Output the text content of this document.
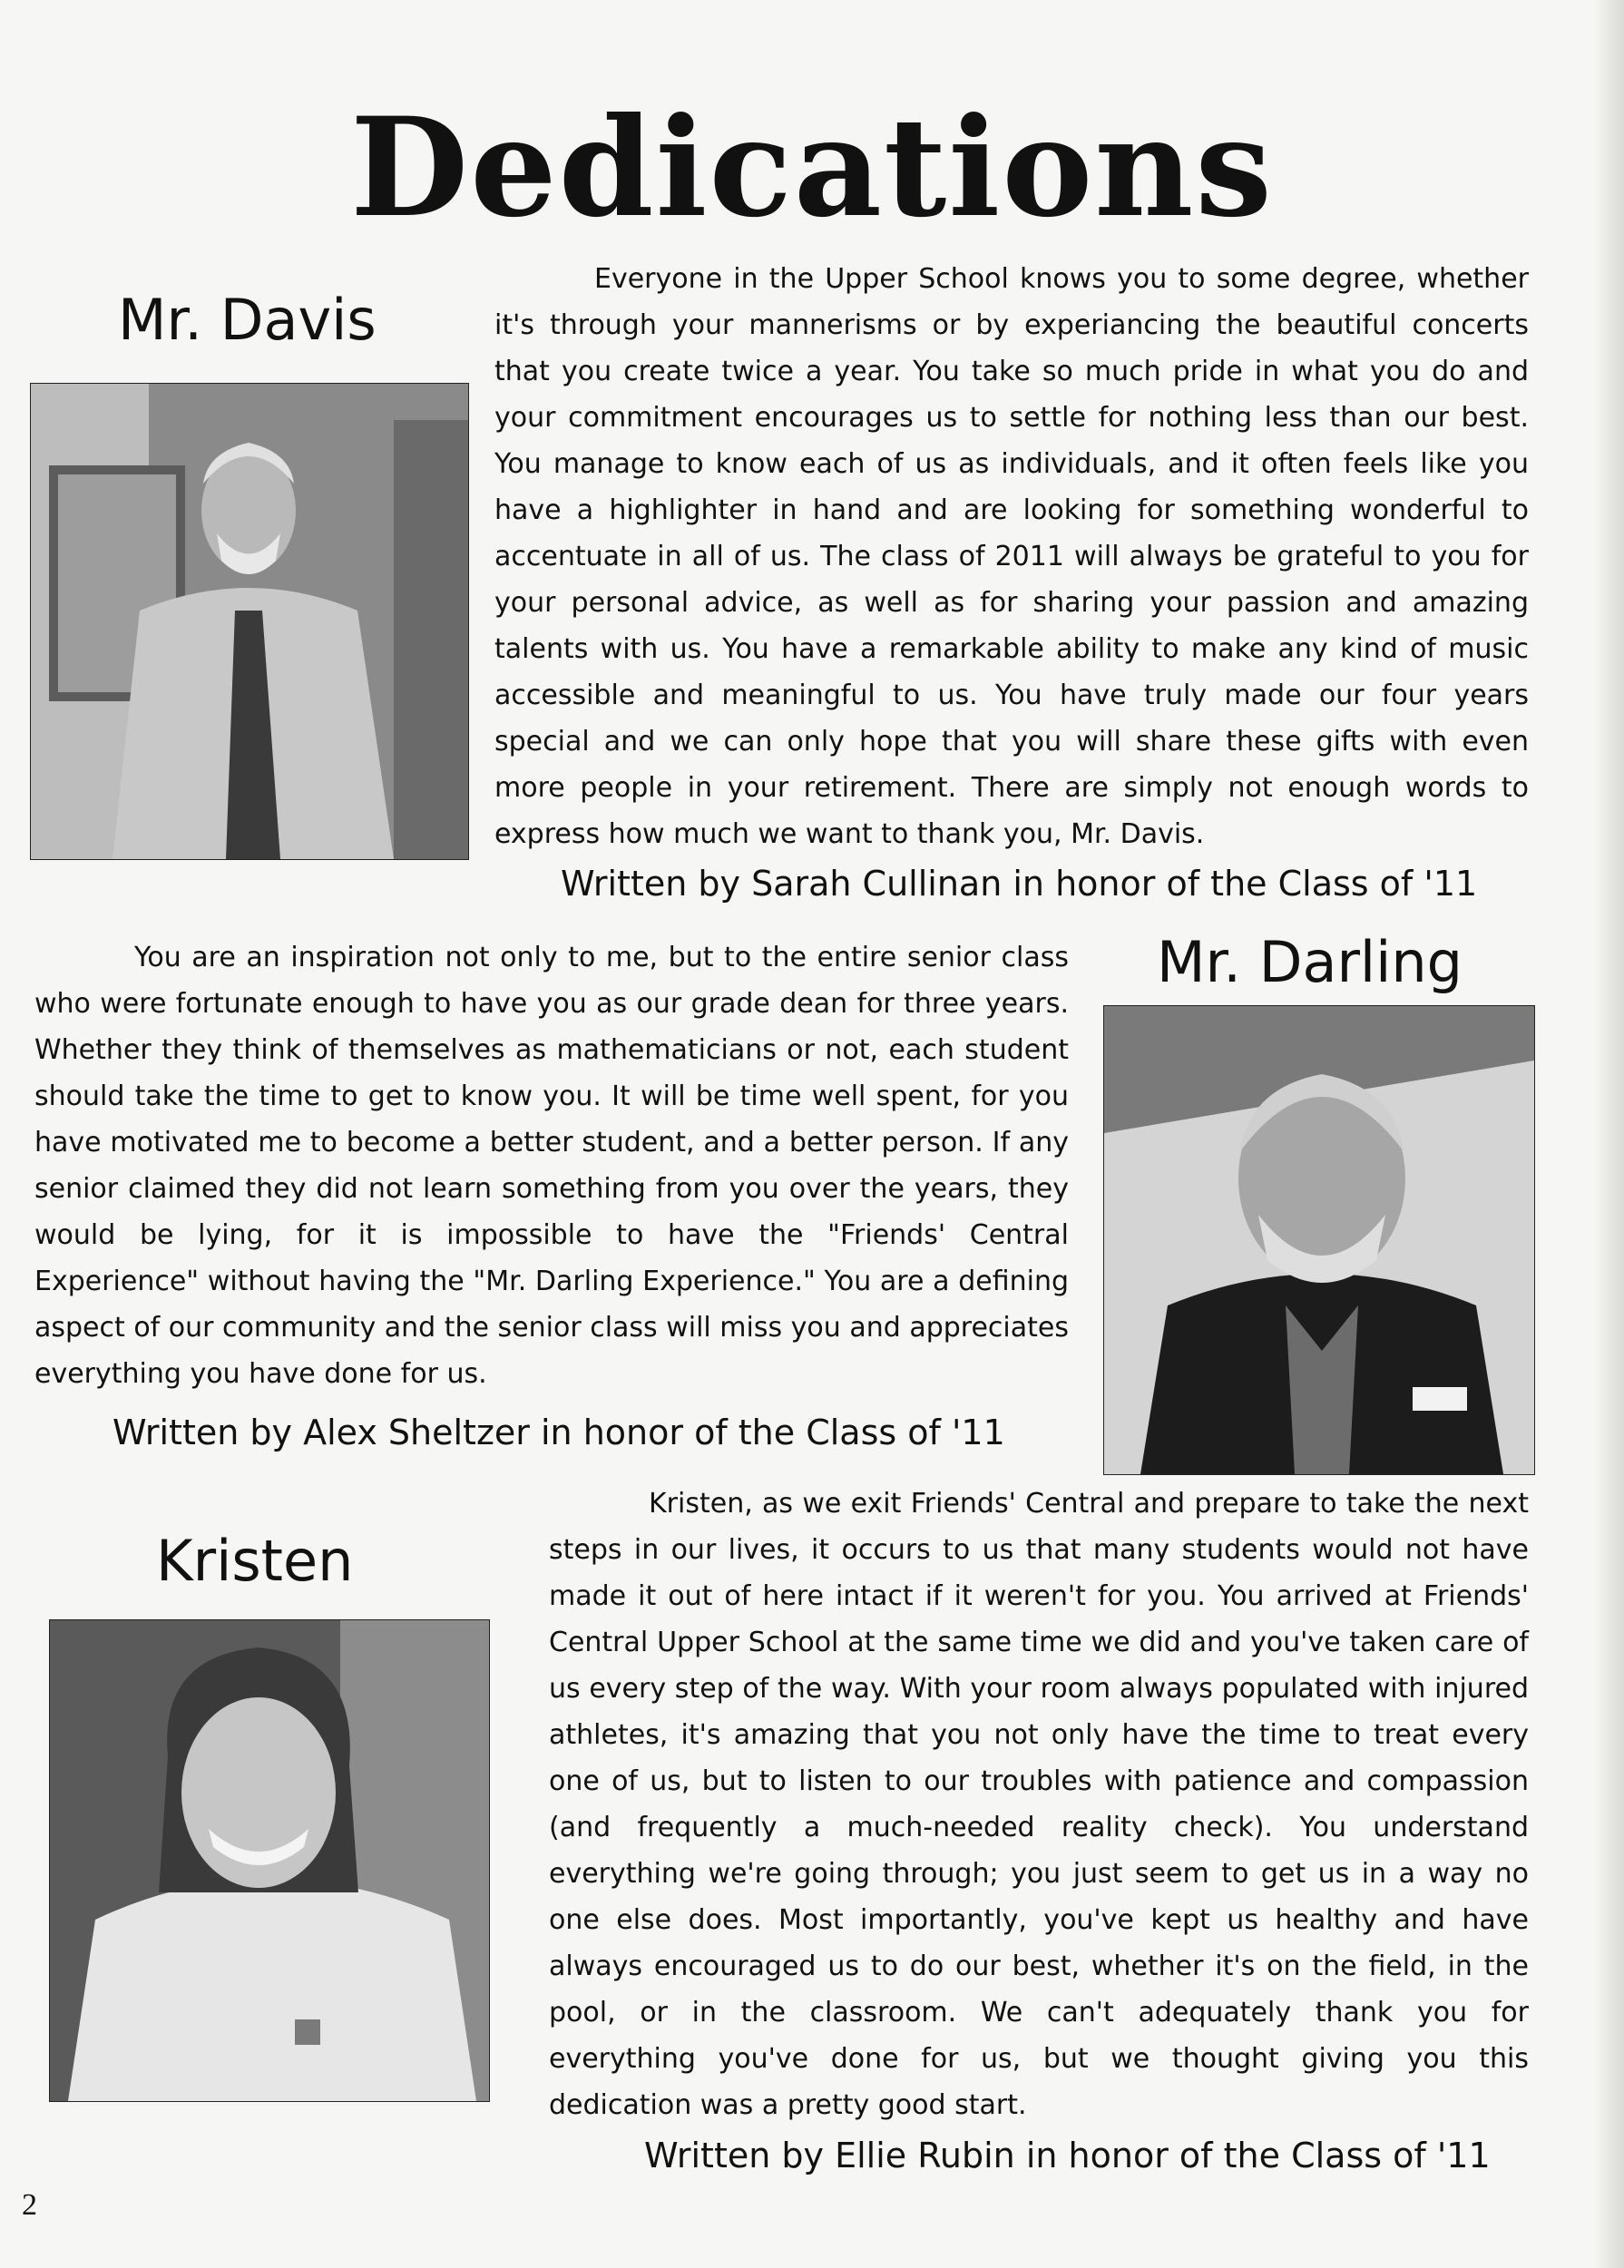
Dedications
Mr. Davis

Everyone in the Upper School knows you to some degree, whether it's through your mannerisms or by experiancing the beautiful concerts that you create twice a year. You take so much pride in what you do and your commitment encourages us to settle for nothing less than our best. You manage to know each of us as individuals, and it often feels like you have a highlighter in hand and are looking for something wonderful to accentuate in all of us. The class of 2011 will always be grateful to you for your personal advice, as well as for sharing your passion and amazing talents with us. You have a remarkable ability to make any kind of music accessible and meaningful to us. You have truly made our four years special and we can only hope that you will share these gifts with even more people in your retirement. There are simply not enough words to express how much we want to thank you, Mr. Davis.

Written by Sarah Cullinan in honor of the Class of '11

You are an inspiration not only to me, but to the entire senior class who were fortunate enough to have you as our grade dean for three years. Whether they think of themselves as mathematicians or not, each student should take the time to get to know you. It will be time well spent, for you have motivated me to become a better student, and a better person. If any senior claimed they did not learn something from you over the years, they would be lying, for it is impossible to have the "Friends' Central Experience" without having the "Mr. Darling Experience." You are a defining aspect of our community and the senior class will miss you and appreciates everything you have done for us.

Mr. Darling
Written by Alex Sheltzer in honor of the Class of '11
Kristen

Kristen, as we exit Friends' Central and prepare to take the next steps in our lives, it occurs to us that many students would not have made it out of here intact if it weren't for you. You arrived at Friends' Central Upper School at the same time we did and you've taken care of us every step of the way. With your room always populated with injured athletes, it's amazing that you not only have the time to treat every one of us, but to listen to our troubles with patience and compassion (and frequently a much-needed reality check). You understand everything we're going through; you just seem to get us in a way no one else does. Most importantly, you've kept us healthy and have always encouraged us to do our best, whether it's on the field, in the pool, or in the classroom. We can't adequately thank you for everything you've done for us, but we thought giving you this dedication was a pretty good start.

Written by Ellie Rubin in honor of the Class of '11
2
